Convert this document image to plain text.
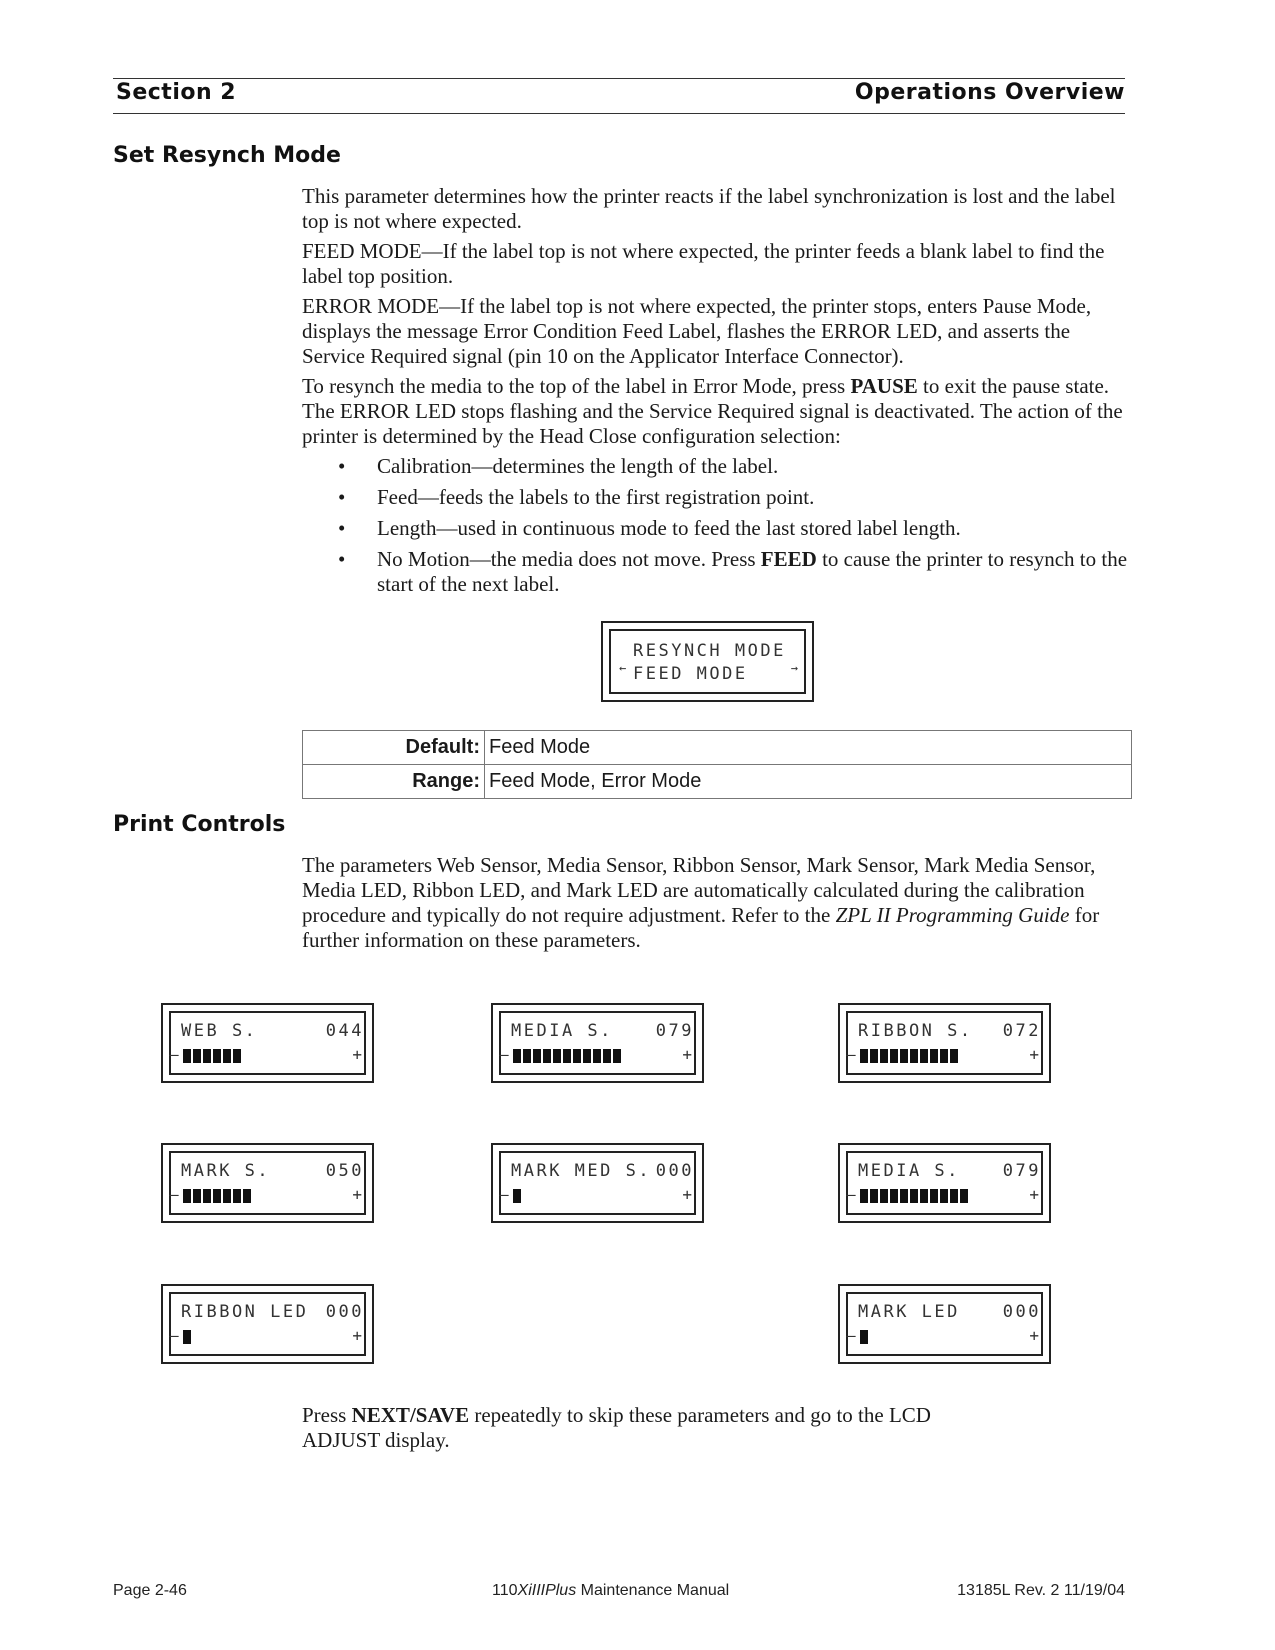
Section 2	Operations Overview
Set Resynch Mode

This parameter determines how the printer reacts if the label synchronization is lost and the label top is not where expected.

FEED MODE—If the label top is not where expected, the printer feeds a blank label to find the label top position.

ERROR MODE—If the label top is not where expected, the printer stops, enters Pause Mode, displays the message Error Condition Feed Label, flashes the ERROR LED, and asserts the Service Required signal (pin 10 on the Applicator Interface Connector).

To resynch the media to the top of the label in Error Mode, press PAUSE to exit the pause state. The ERROR LED stops flashing and the Service Required signal is deactivated. The action of the printer is determined by the Head Close configuration selection:

• Calibration—determines the length of the label.
• Feed—feeds the labels to the first registration point.
• Length—used in continuous mode to feed the last stored label length.
• No Motion—the media does not move. Press FEED to cause the printer to resynch to the start of the next label.
RESYNCH MODE
← FEED MODE	→
Default:	Feed Mode
Range:	Feed Mode, Error Mode
Print Controls

The parameters Web Sensor, Media Sensor, Ribbon Sensor, Mark Sensor, Mark Media Sensor, Media LED, Ribbon LED, and Mark LED are automatically calculated during the calibration procedure and typically do not require adjustment. Refer to the ZPL II Programming Guide for further information on these parameters.

WEB S.	044
–	+
MEDIA S.	079
–	+
RIBBON S. 072
–	+
MARK S.	050
–	+
MARK MED S. 000
–	+
MEDIA S.	079
–	+
RIBBON LED 000
–	+
MARK LED	000
–	+

Press NEXT/SAVE repeatedly to skip these parameters and go to the LCD ADJUST display.

Page 2-46	110XiIIIPlus Maintenance Manual	13185L Rev. 2 11/19/04
